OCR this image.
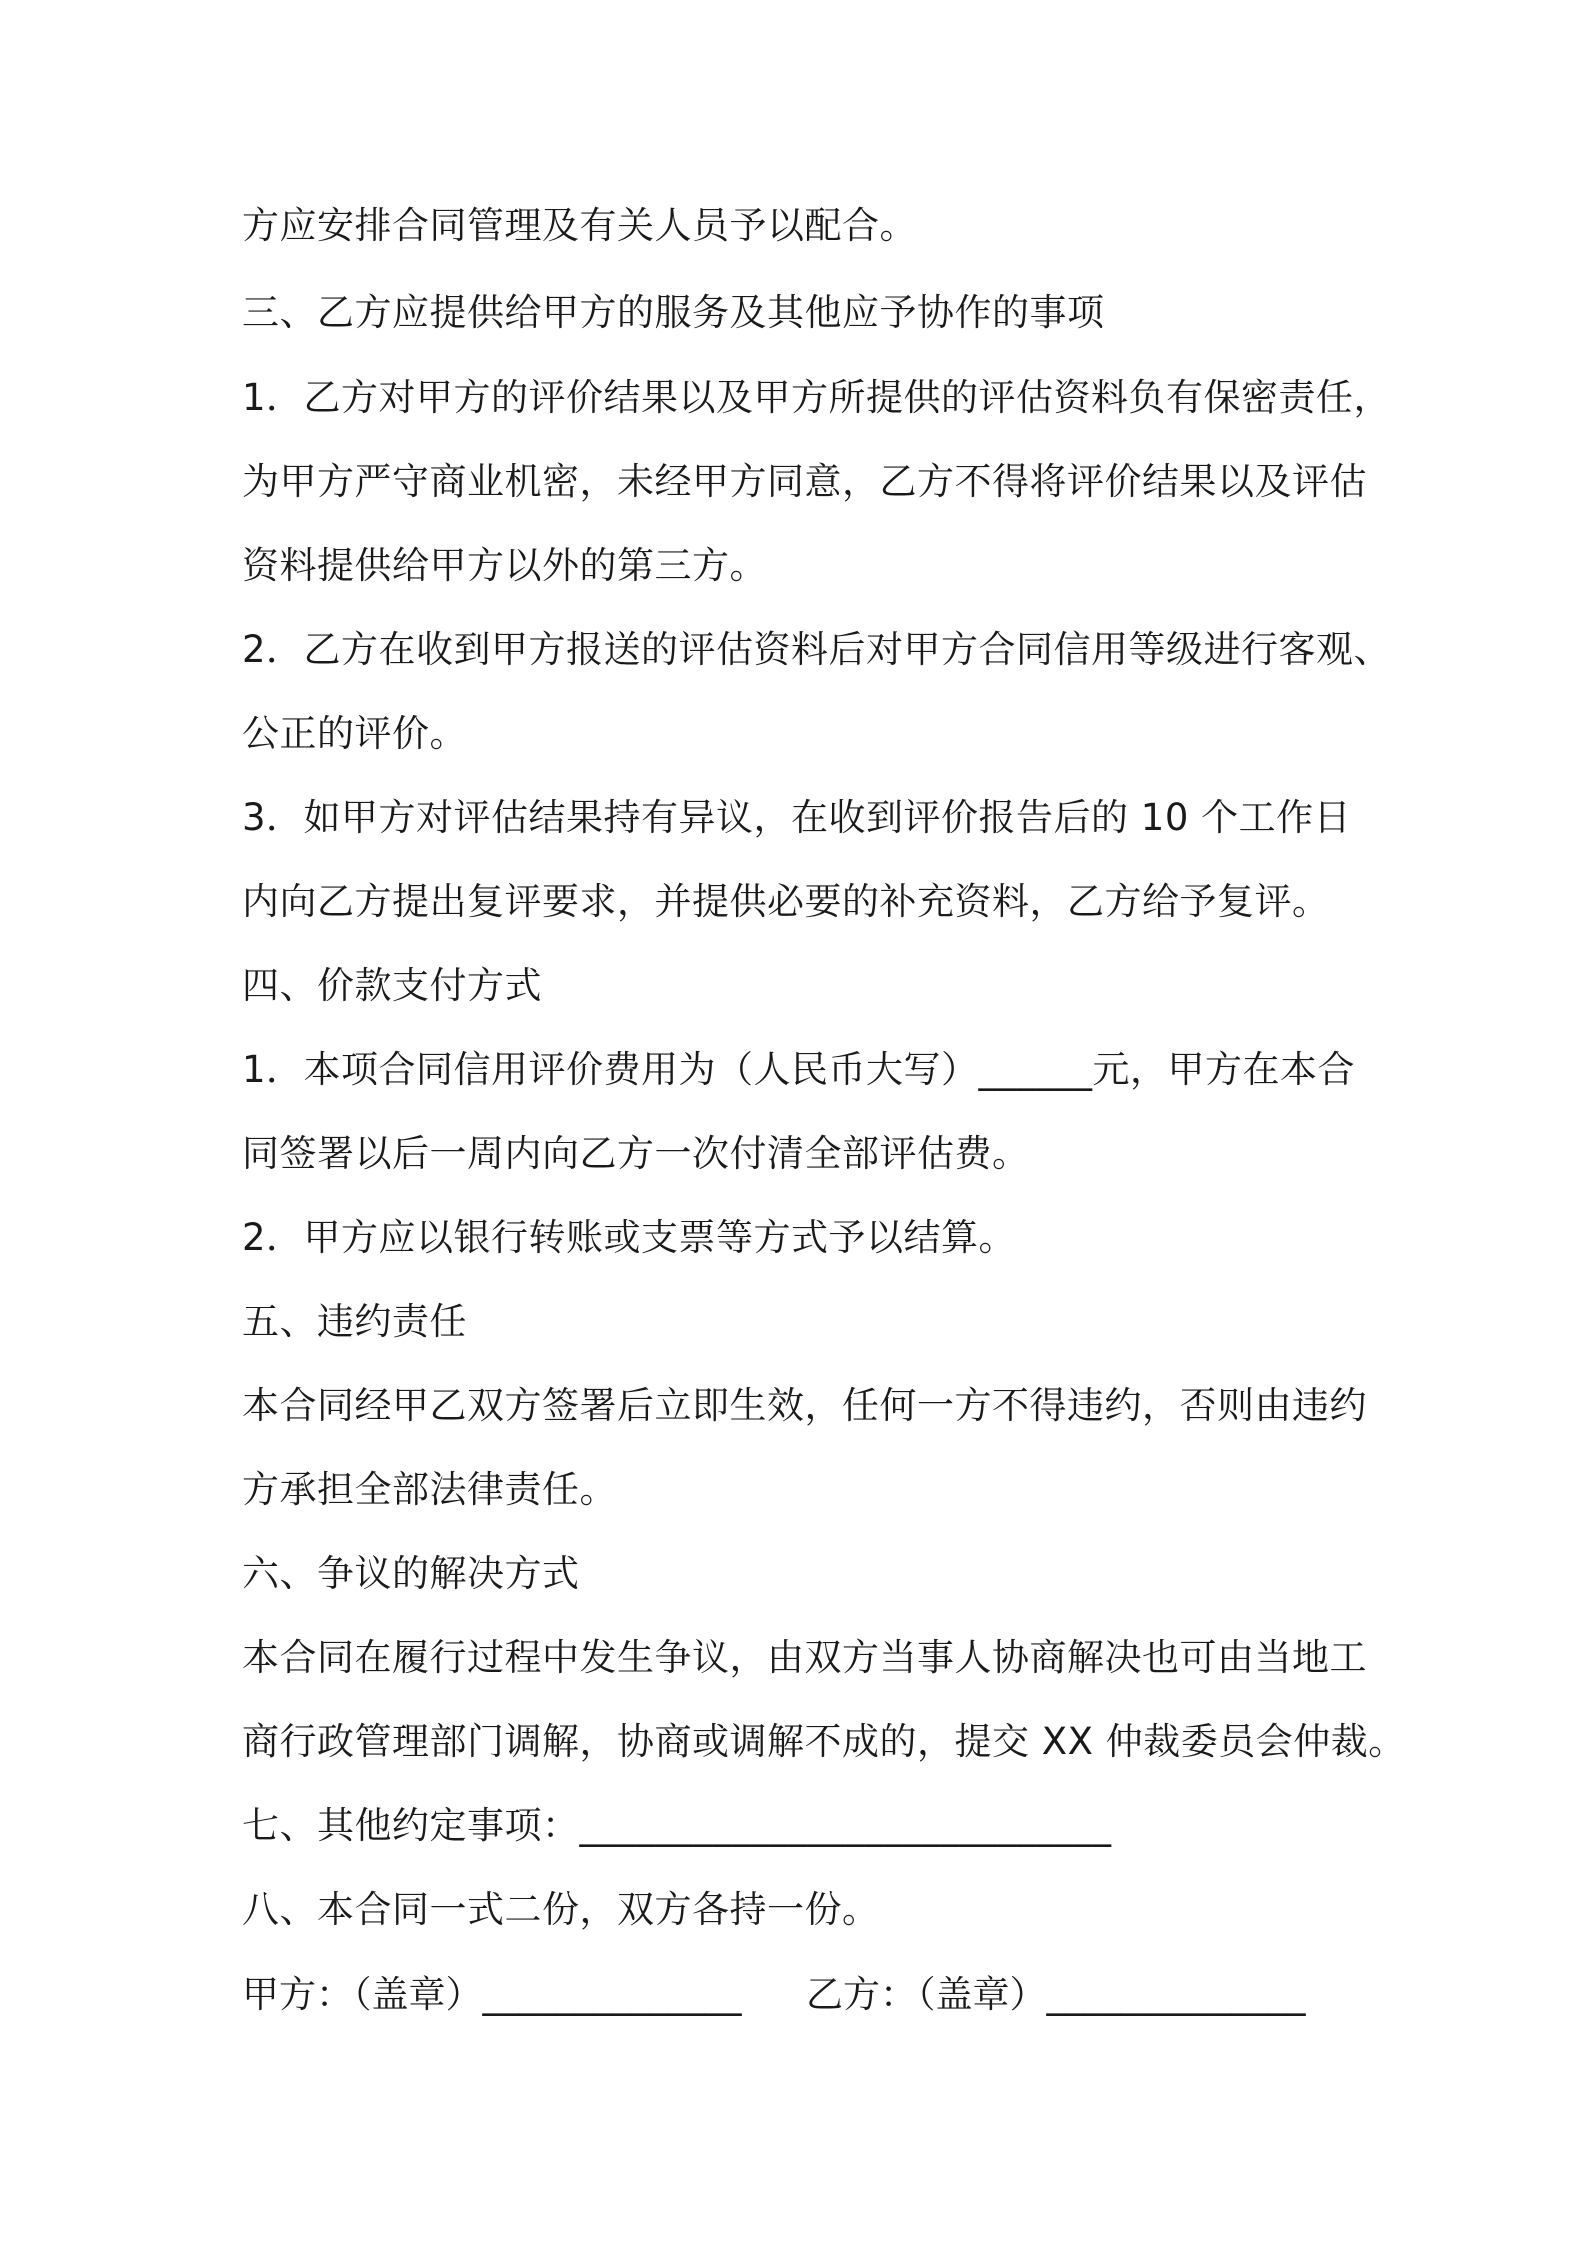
方应安排合同管理及有关人员予以配合。
三、乙方应提供给甲方的服务及其他应予协作的事项
1．乙方对甲方的评价结果以及甲方所提供的评估资料负有保密责任，
为甲方严守商业机密，未经甲方同意，乙方不得将评价结果以及评估
资料提供给甲方以外的第三方。
2．乙方在收到甲方报送的评估资料后对甲方合同信用等级进行客观、
公正的评价。
3．如甲方对评估结果持有异议，在收到评价报告后的 10 个工作日
内向乙方提出复评要求，并提供必要的补充资料，乙方给予复评。
四、价款支付方式
1．本项合同信用评价费用为（人民币大写）______元，甲方在本合
同签署以后一周内向乙方一次付清全部评估费。
2．甲方应以银行转账或支票等方式予以结算。
五、违约责任
本合同经甲乙双方签署后立即生效，任何一方不得违约，否则由违约
方承担全部法律责任。
六、争议的解决方式
本合同在履行过程中发生争议，由双方当事人协商解决也可由当地工
商行政管理部门调解，协商或调解不成的，提交 XX 仲裁委员会仲裁。
七、其他约定事项：____________________________
八、本合同一式二份，双方各持一份。
甲方：（盖章）______________ 乙方：（盖章）______________
